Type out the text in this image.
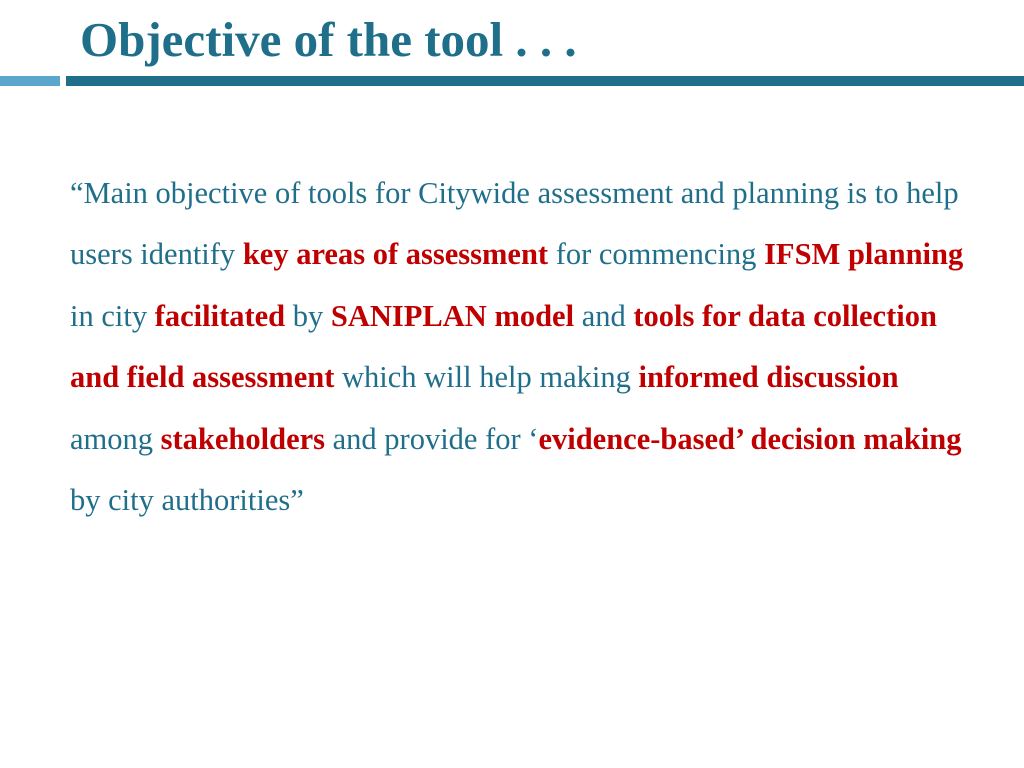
Objective of the tool . . .

“Main objective of tools for Citywide assessment and planning is to help users identify key areas of assessment for commencing IFSM planning in city facilitated by SANIPLAN model and tools for data collection and field assessment which will help making informed discussion among stakeholders and provide for ‘evidence-based’ decision making by city authorities”
